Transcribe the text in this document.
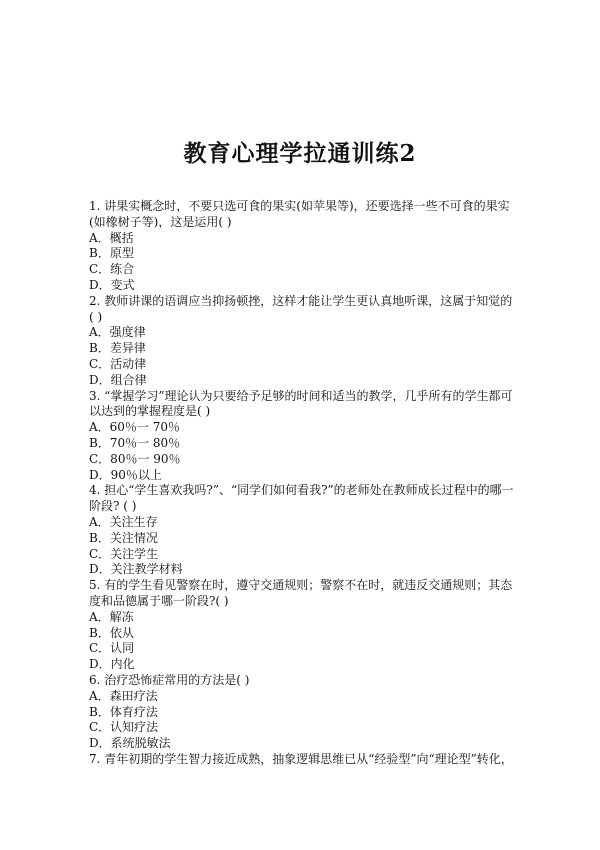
教育心理学拉通训练2
1. 讲果实概念时，不要只选可食的果实(如苹果等)，还要选择一些不可食的果实(如橡树子等)，这是运用( )
A．概括
B．原型
C．练合
D．变式
2. 教师讲课的语调应当抑扬顿挫，这样才能让学生更认真地听课，这属于知觉的( )
A．强度律
B．差异律
C．活动律
D．组合律
3. “掌握学习”理论认为只要给予足够的时间和适当的教学，几乎所有的学生都可以达到的掌握程度是( )
A．60％一 70％
B．70％一 80％
C．80％一 90％
D．90％以上
4. 担心“学生喜欢我吗?”、“同学们如何看我?”的老师处在教师成长过程中的哪一阶段? ( )
A．关注生存
B．关注情况
C．关注学生
D．关注教学材料
5. 有的学生看见警察在时，遵守交通规则；警察不在时，就违反交通规则；其态度和品德属于哪一阶段?( )
A．解冻
B．依从
C．认同
D．内化
6. 治疗恐怖症常用的方法是( )
A．森田疗法
B．体育疗法
C．认知疗法
D．系统脱敏法
7. 青年初期的学生智力接近成熟，抽象逻辑思维已从“经验型”向“理论型”转化，
